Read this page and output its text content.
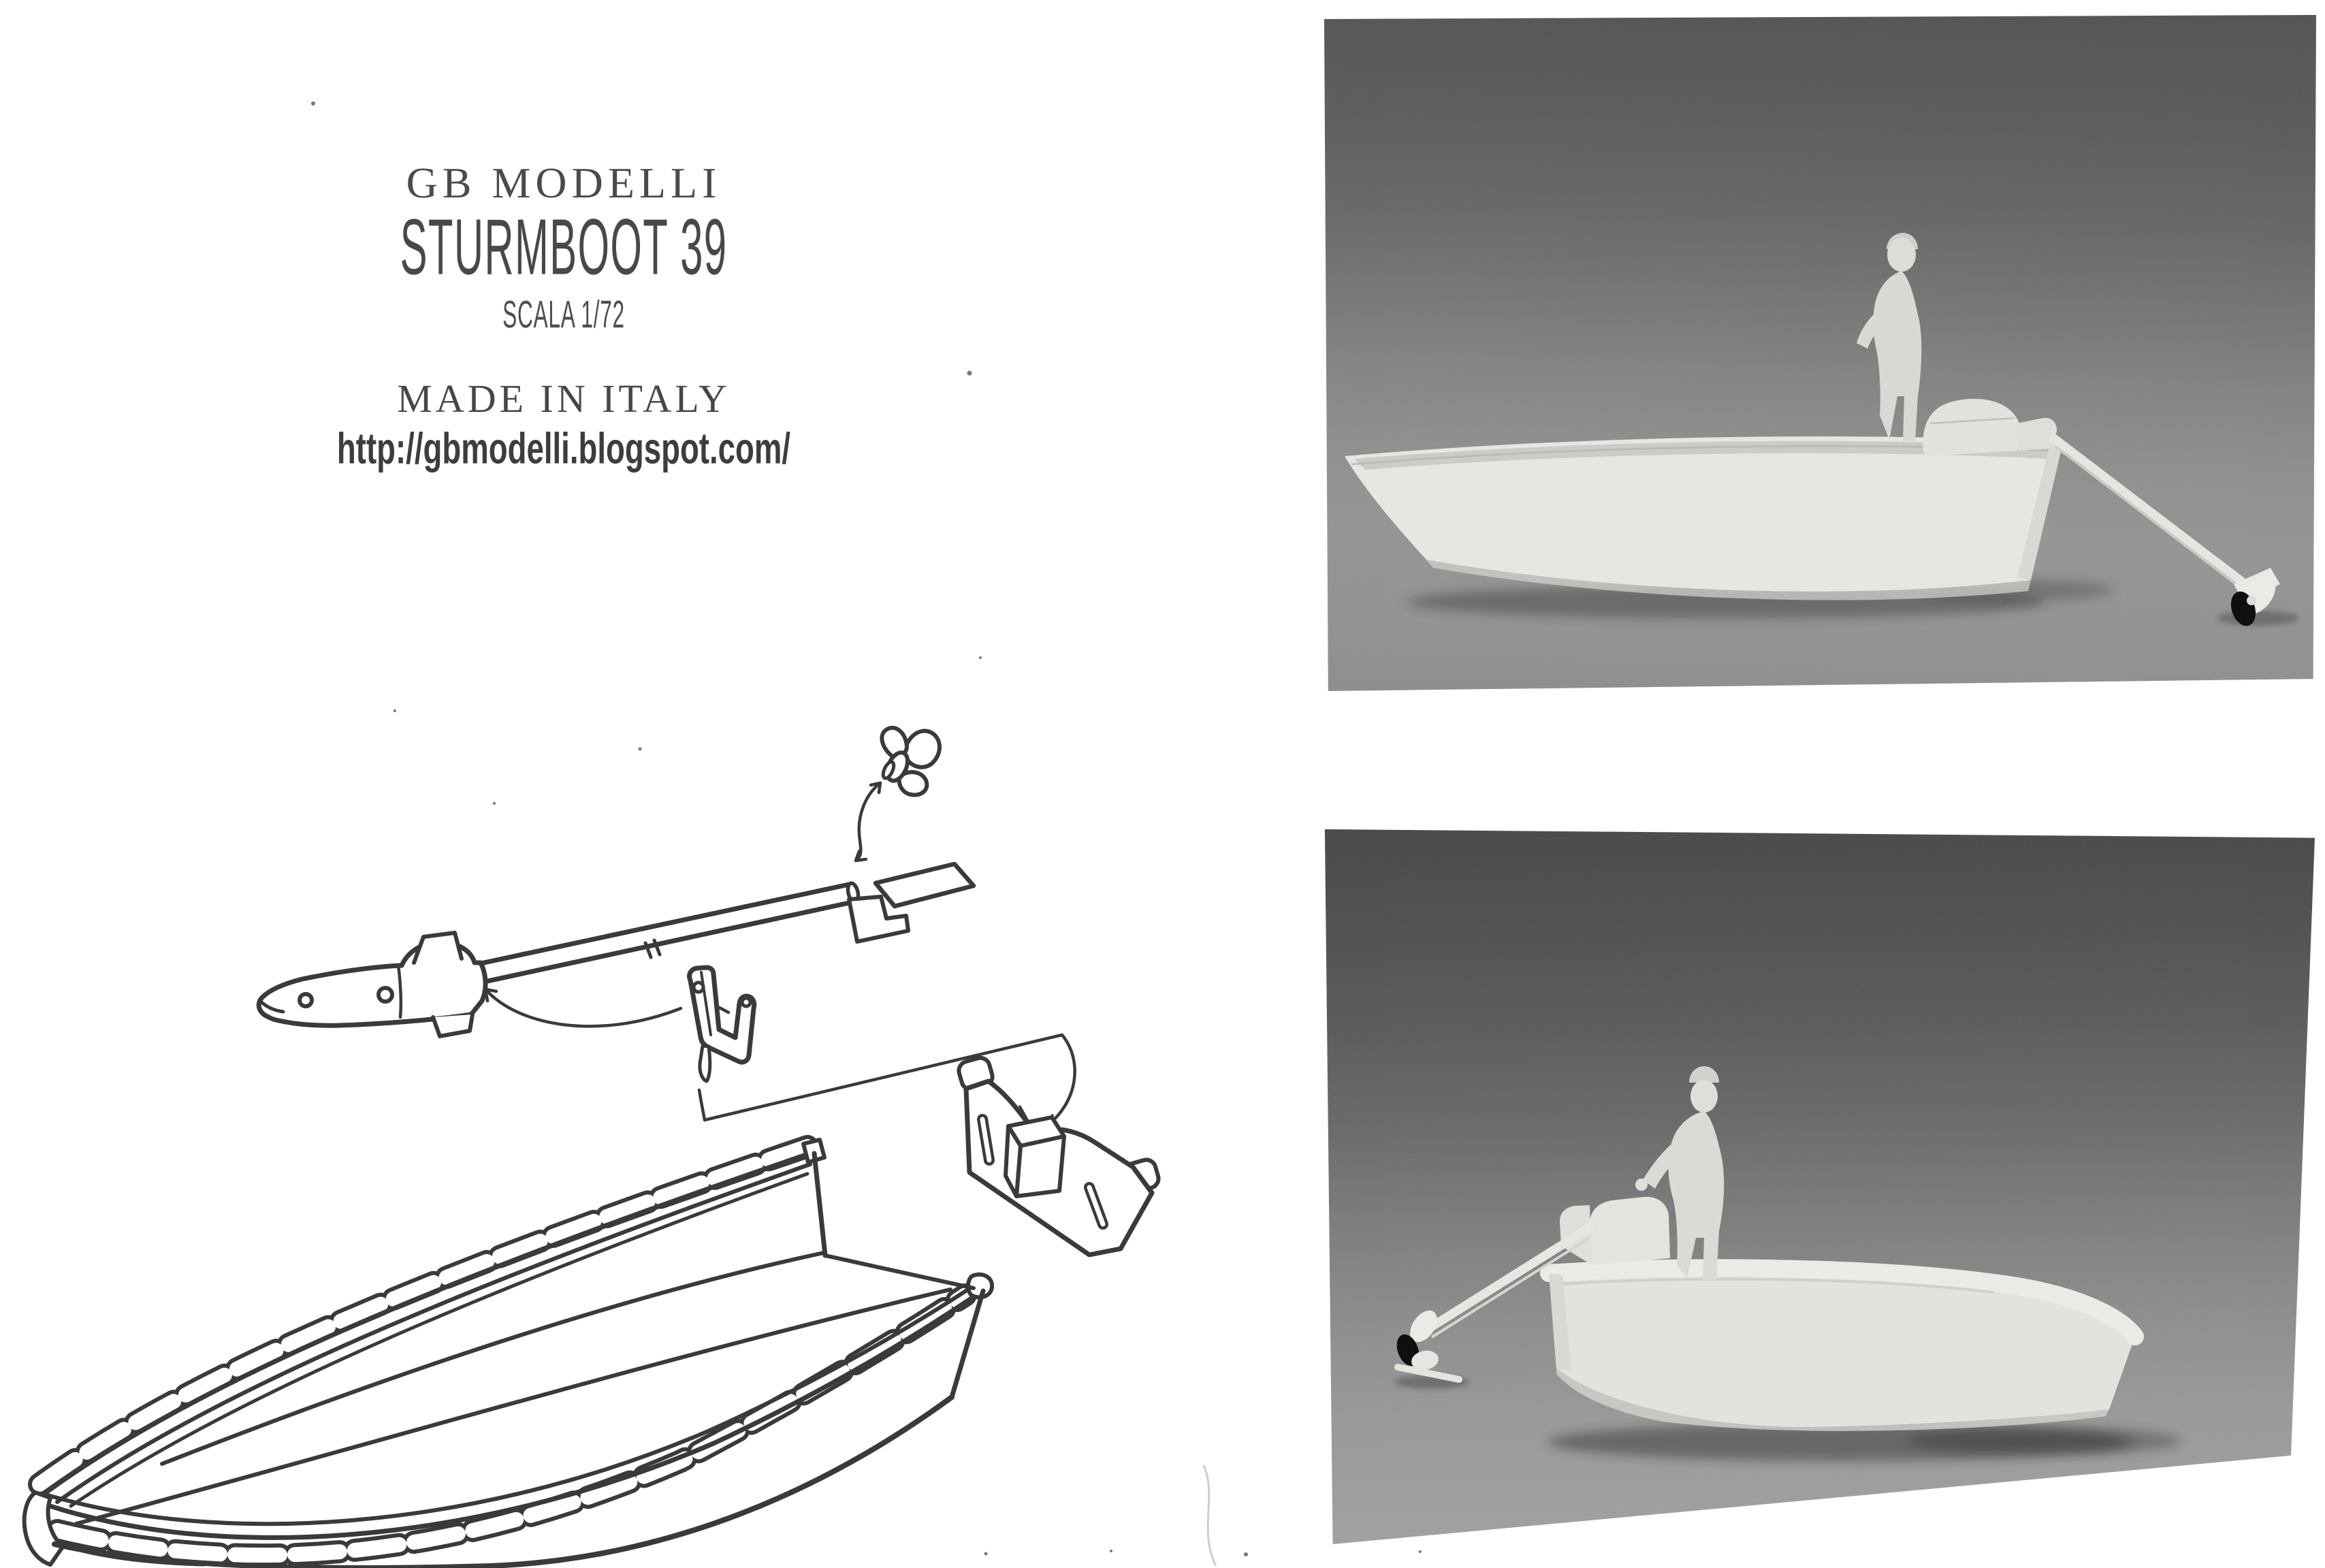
GB MODELLI
STURMBOOT 39
SCALA 1/72
MADE IN ITALY
http://gbmodelli.blogspot.com/
